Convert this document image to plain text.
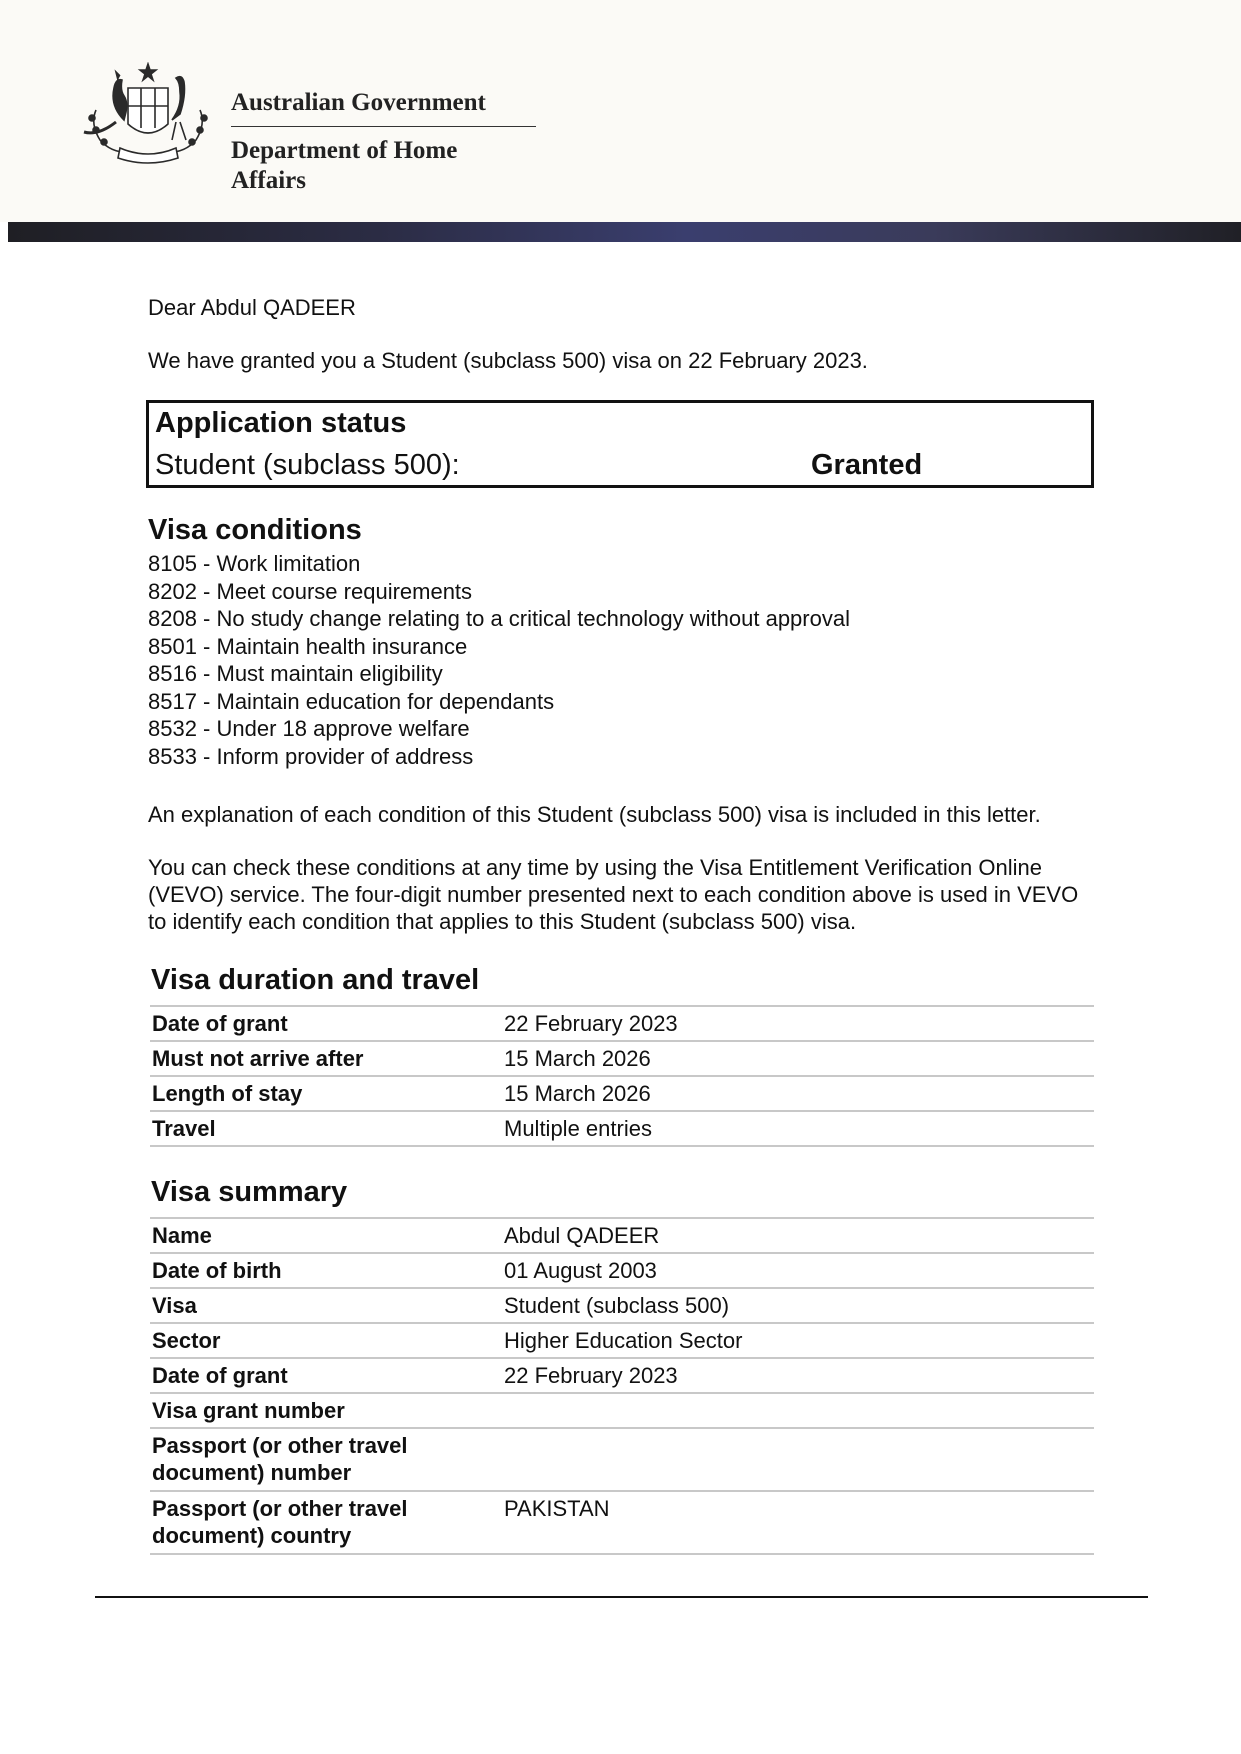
Australian Government
Department of Home Affairs
Dear Abdul QADEER
We have granted you a Student (subclass 500) visa on 22 February 2023.
Application status
Student (subclass 500):	Granted
Visa conditions
8105 - Work limitation
8202 - Meet course requirements
8208 - No study change relating to a critical technology without approval
8501 - Maintain health insurance
8516 - Must maintain eligibility
8517 - Maintain education for dependants
8532 - Under 18 approve welfare
8533 - Inform provider of address
An explanation of each condition of this Student (subclass 500) visa is included in this letter.
You can check these conditions at any time by using the Visa Entitlement Verification Online (VEVO) service. The four-digit number presented next to each condition above is used in VEVO to identify each condition that applies to this Student (subclass 500) visa.
Visa duration and travel
Date of grant	22 February 2023
Must not arrive after	15 March 2026
Length of stay	15 March 2026
Travel	Multiple entries
Visa summary
Name	Abdul QADEER
Date of birth	01 August 2003
Visa	Student (subclass 500)
Sector	Higher Education Sector
Date of grant	22 February 2023
Visa grant number	
Passport (or other travel document) number	
Passport (or other travel document) country	PAKISTAN
